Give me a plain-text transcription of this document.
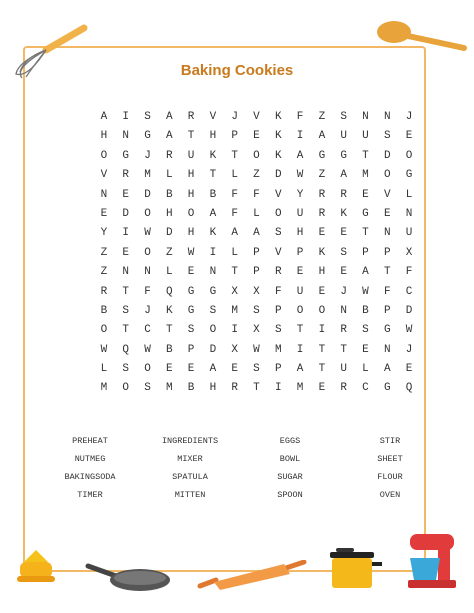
Baking Cookies
A	I	S	A	R	V	J	V	K	F	Z	S	N	N	J
H	N	G	A	T	H	P	E	K	I	A	U	U	S	E
O	G	J	R	U	K	T	O	K	A	G	G	T	D	O
V	R	M	L	H	T	L	Z	D	W	Z	A	M	O	G
N	E	D	B	H	B	F	F	V	Y	R	R	E	V	L
E	D	O	H	O	A	F	L	O	U	R	K	G	E	N
Y	I	W	D	H	K	A	A	S	H	E	E	T	N	U
Z	E	O	Z	W	I	L	P	V	P	K	S	P	P	X
Z	N	N	L	E	N	T	P	R	E	H	E	A	T	F
R	T	F	Q	G	G	X	X	F	U	E	J	W	F	C
B	S	J	K	G	S	M	S	P	O	O	N	B	P	D
O	T	C	T	S	O	I	X	S	T	I	R	S	G	W
W	Q	W	B	P	D	X	W	M	I	T	T	E	N	J
L	S	O	E	E	A	E	S	P	A	T	U	L	A	E
M	O	S	M	B	H	R	T	I	M	E	R	C	G	Q
PREHEAT	INGREDIENTS	EGGS	STIR
NUTMEG	MIXER	BOWL	SHEET
BAKINGSODA	SPATULA	SUGAR	FLOUR
TIMER	MITTEN	SPOON	OVEN
